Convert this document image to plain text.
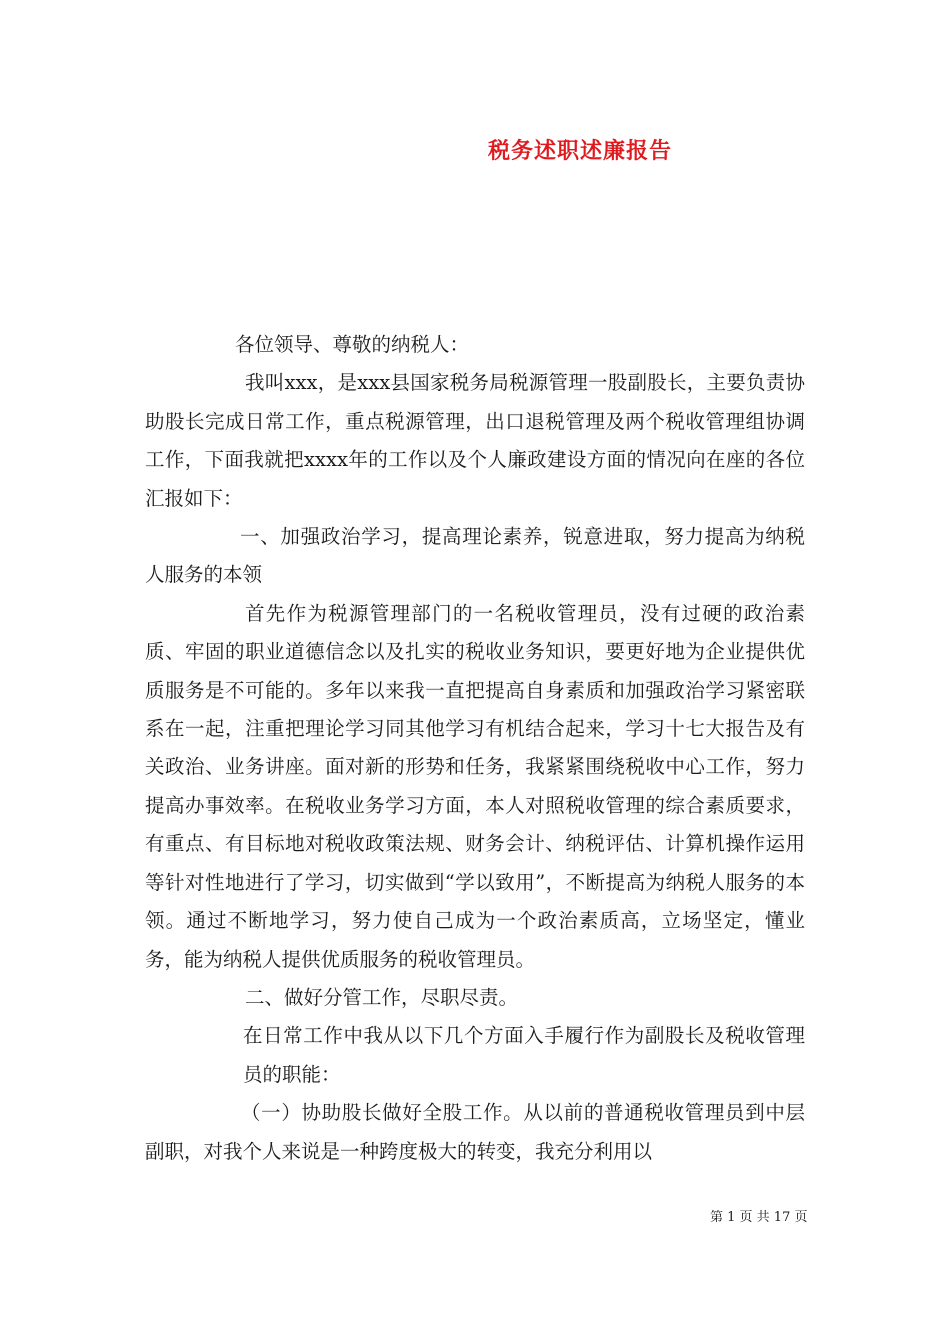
税务述职述廉报告

各位领导、尊敬的纳税人：

我叫xxx，是xxx县国家税务局税源管理一股副股长，主要负责协助股长完成日常工作，重点税源管理，出口退税管理及两个税收管理组协调工作，下面我就把xxxx年的工作以及个人廉政建设方面的情况向在座的各位汇报如下：

一、加强政治学习，提高理论素养，锐意进取，努力提高为纳税人服务的本领

首先作为税源管理部门的一名税收管理员，没有过硬的政治素质、牢固的职业道德信念以及扎实的税收业务知识，要更好地为企业提供优质服务是不可能的。多年以来我一直把提高自身素质和加强政治学习紧密联系在一起，注重把理论学习同其他学习有机结合起来，学习十七大报告及有关政治、业务讲座。面对新的形势和任务，我紧紧围绕税收中心工作，努力提高办事效率。在税收业务学习方面，本人对照税收管理的综合素质要求，有重点、有目标地对税收政策法规、财务会计、纳税评估、计算机操作运用等针对性地进行了学习，切实做到“学以致用”，不断提高为纳税人服务的本领。通过不断地学习，努力使自己成为一个政治素质高，立场坚定，懂业务，能为纳税人提供优质服务的税收管理员。

二、做好分管工作，尽职尽责。

在日常工作中我从以下几个方面入手履行作为副股长及税收管理员的职能：

（一）协助股长做好全股工作。从以前的普通税收管理员到中层副职，对我个人来说是一种跨度极大的转变，我充分利用以

第 1 页 共 17 页
